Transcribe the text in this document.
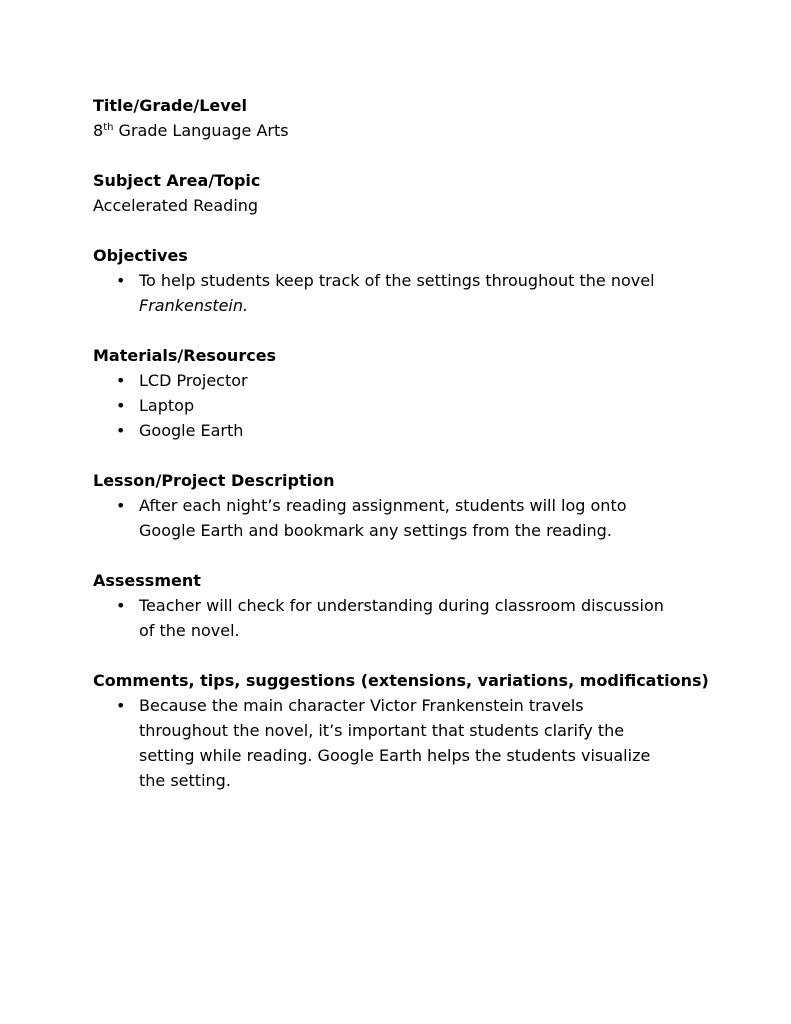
Title/Grade/Level
8th Grade Language Arts
Subject Area/Topic
Accelerated Reading
Objectives
• To help students keep track of the settings throughout the novel
Frankenstein.
Materials/Resources
• LCD Projector
• Laptop
• Google Earth
Lesson/Project Description
• After each night’s reading assignment, students will log onto
Google Earth and bookmark any settings from the reading.
Assessment
• Teacher will check for understanding during classroom discussion
of the novel.
Comments, tips, suggestions (extensions, variations, modifications)
• Because the main character Victor Frankenstein travels
throughout the novel, it’s important that students clarify the
setting while reading. Google Earth helps the students visualize
the setting.
